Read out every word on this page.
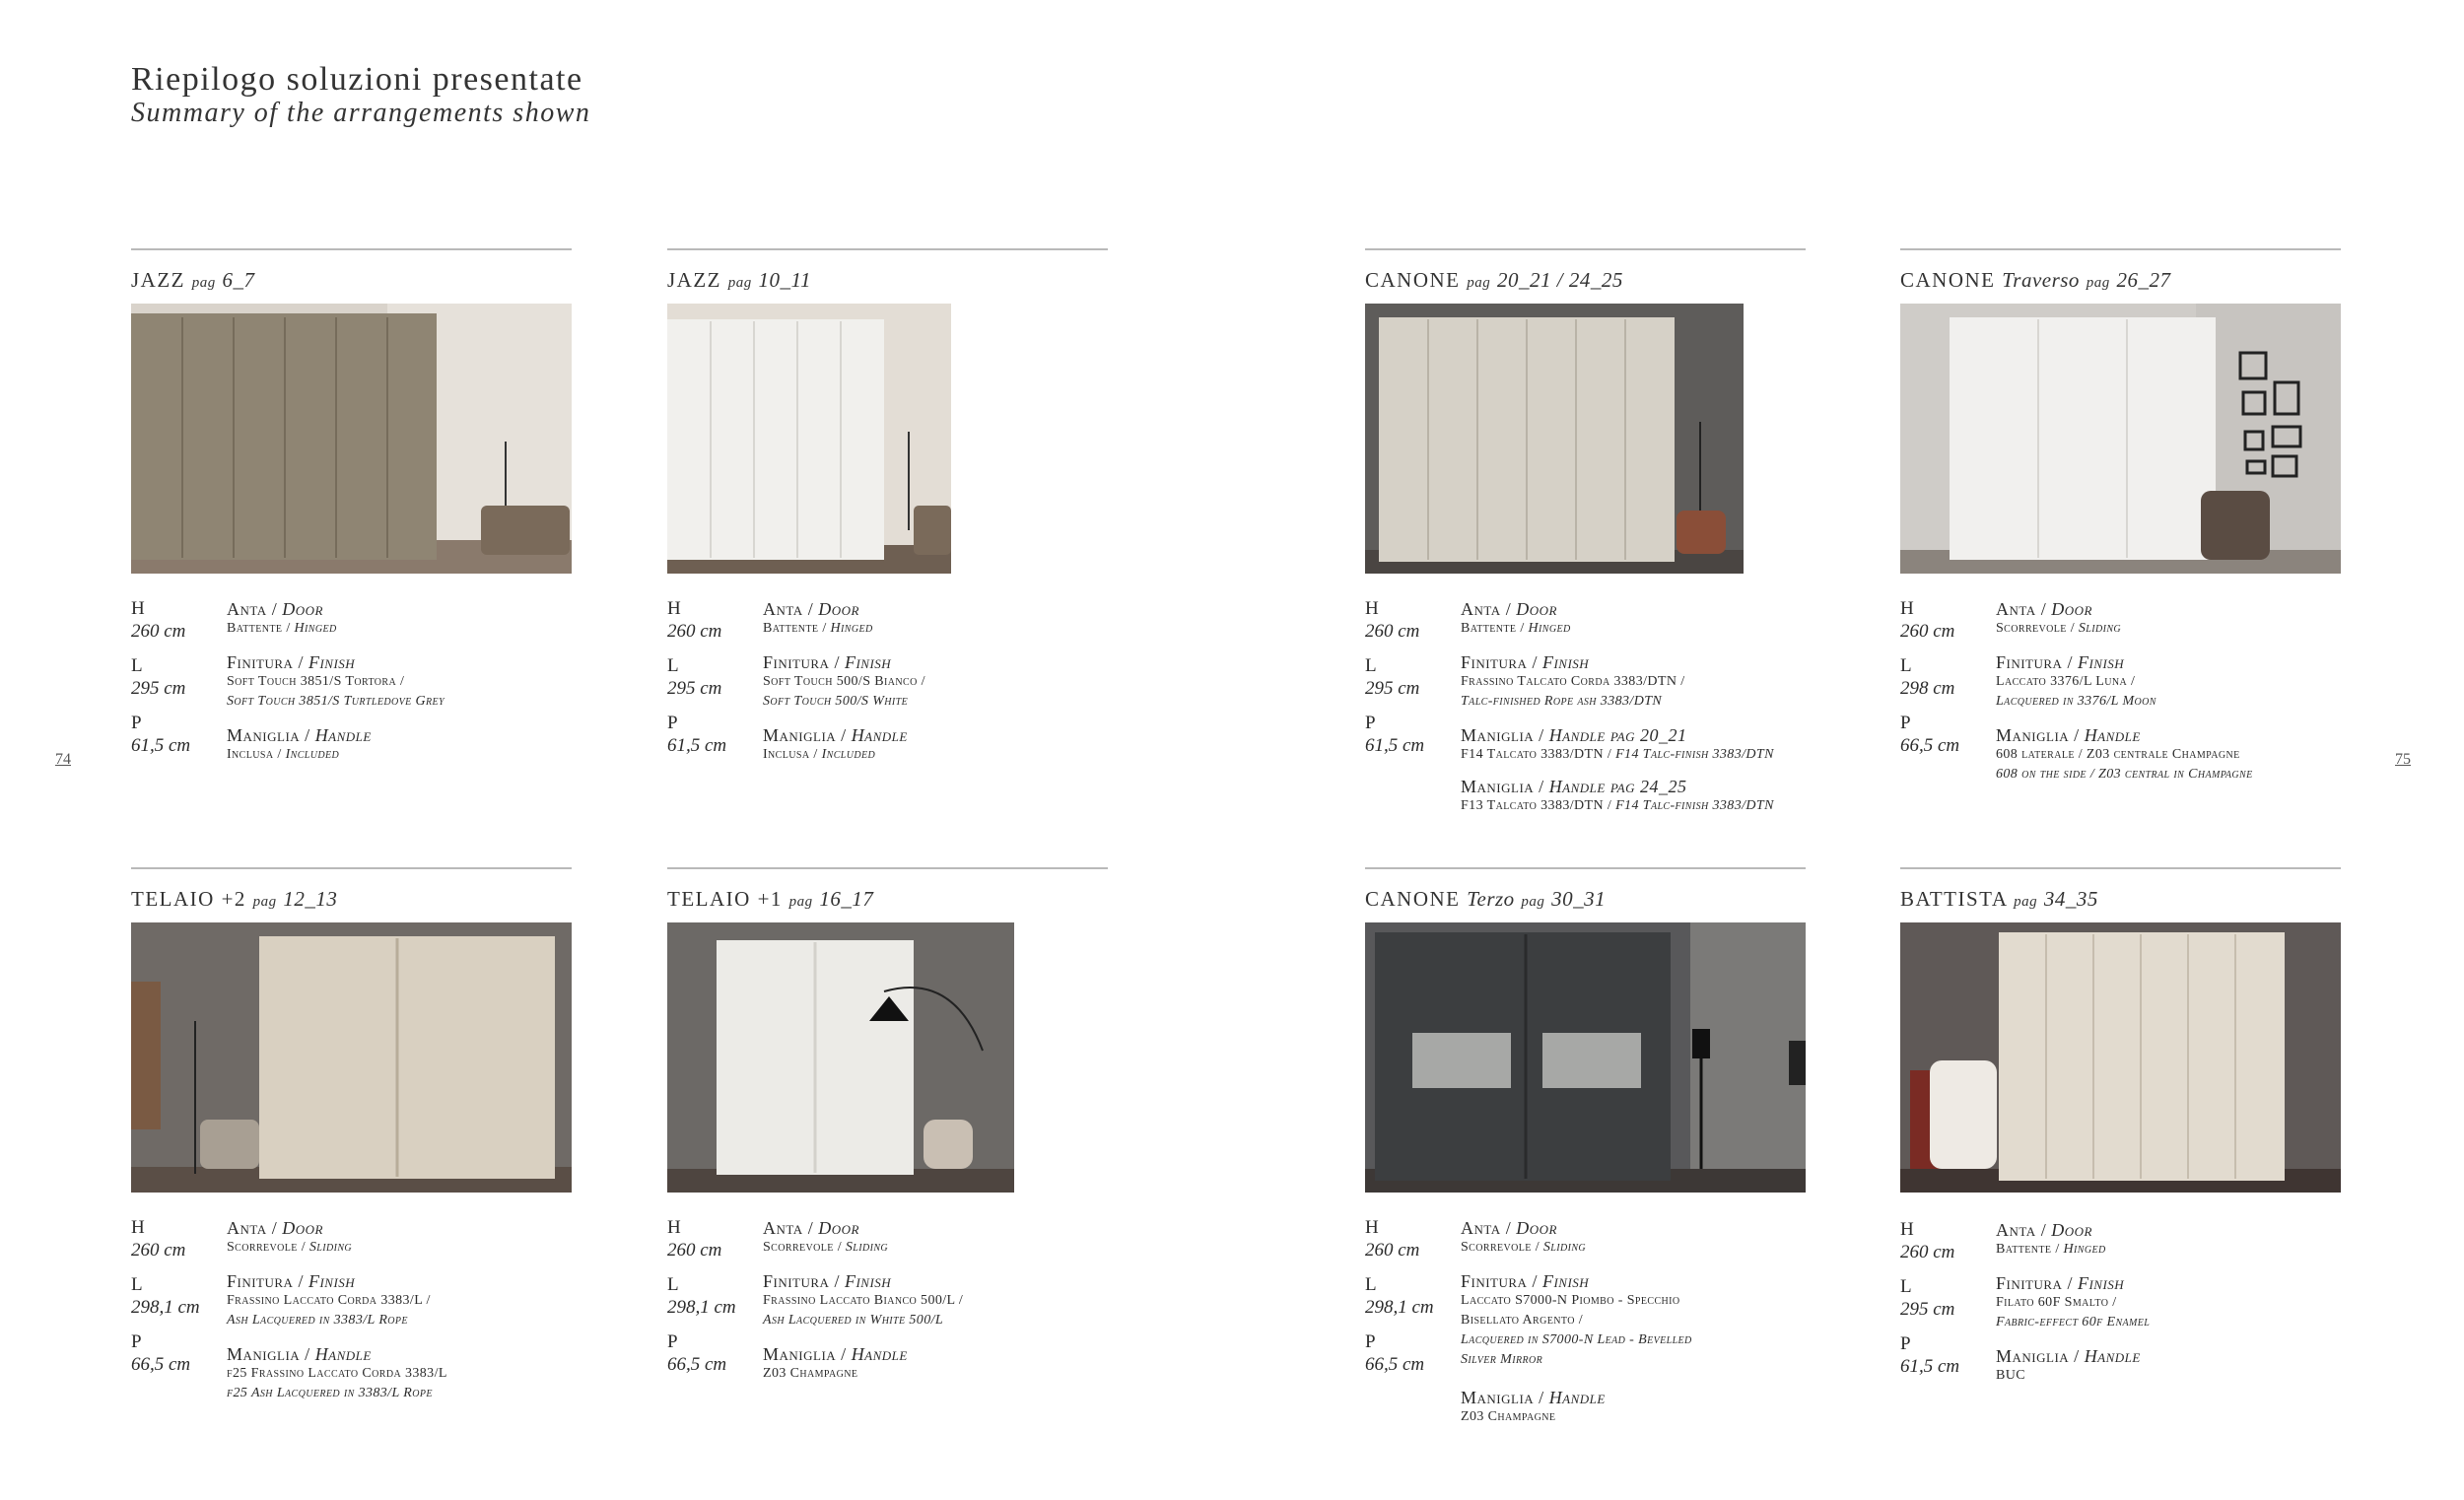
Riepilogo soluzioni presentate
Summary of the arrangements shown
74	75
JAZZ pag 6_7
H
260 cm
L
295 cm
P
61,5 cm
Anta / Door
Battente / Hinged
Finitura / Finish
Soft Touch 3851/S Tortora /
Soft Touch 3851/S Turtledove Grey
Maniglia / Handle
Inclusa / Included
JAZZ pag 10_11
H
260 cm
L
295 cm
P
61,5 cm
Anta / Door
Battente / Hinged
Finitura / Finish
Soft Touch 500/S Bianco /
Soft Touch 500/S White
Maniglia / Handle
Inclusa / Included
CANONE pag 20_21 / 24_25
H
260 cm
L
295 cm
P
61,5 cm
Anta / Door
Battente / Hinged
Finitura / Finish
Frassino Talcato Corda 3383/DTN /
Talc-finished Rope ash 3383/DTN
Maniglia / Handle pag 20_21
F14 Talcato 3383/DTN / F14 Talc-finish 3383/DTN
Maniglia / Handle pag 24_25
F13 Talcato 3383/DTN / F14 Talc-finish 3383/DTN
CANONE Traverso pag 26_27
H
260 cm
L
298 cm
P
66,5 cm
Anta / Door
Scorrevole / Sliding
Finitura / Finish
Laccato 3376/L Luna /
Lacquered in 3376/L Moon
Maniglia / Handle
608 laterale / Z03 centrale Champagne
608 on the side / Z03 central in Champagne
TELAIO +2 pag 12_13
H
260 cm
L
298,1 cm
P
66,5 cm
Anta / Door
Scorrevole / Sliding
Finitura / Finish
Frassino Laccato Corda 3383/L /
Ash Lacquered in 3383/L Rope
Maniglia / Handle
f25 Frassino Laccato Corda 3383/L
f25 Ash Lacquered in 3383/L Rope
TELAIO +1 pag 16_17
H
260 cm
L
298,1 cm
P
66,5 cm
Anta / Door
Scorrevole / Sliding
Finitura / Finish
Frassino Laccato Bianco 500/L /
Ash Lacquered in White 500/L
Maniglia / Handle
Z03 Champagne
CANONE Terzo pag 30_31
H
260 cm
L
298,1 cm
P
66,5 cm
Anta / Door
Scorrevole / Sliding
Finitura / Finish
Laccato S7000-N Piombo - Specchio
Bisellato Argento /
Lacquered in S7000-N Lead - Bevelled
Silver Mirror
Maniglia / Handle
Z03 Champagne
BATTISTA pag 34_35
H
260 cm
L
295 cm
P
61,5 cm
Anta / Door
Battente / Hinged
Finitura / Finish
Filato 60F Smalto /
Fabric-effect 60f Enamel
Maniglia / Handle
BUC
